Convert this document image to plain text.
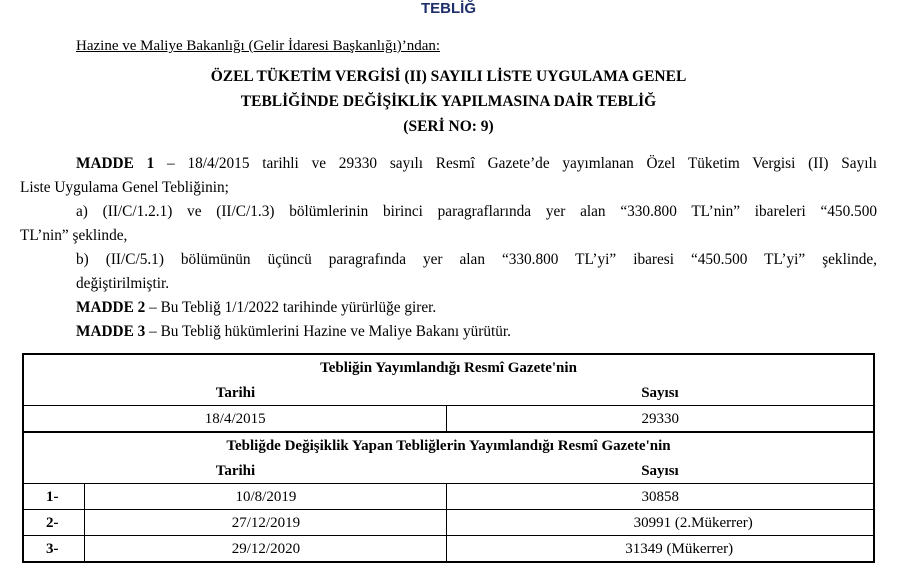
TEBLİĞ
Hazine ve Maliye Bakanlığı (Gelir İdaresi Başkanlığı)’ndan:
ÖZEL TÜKETİM VERGİSİ (II) SAYILI LİSTE UYGULAMA GENEL
TEBLİĞİNDE DEĞİŞİKLİK YAPILMASINA DAİR TEBLİĞ
(SERİ NO: 9)
MADDE 1 – 18/4/2015 tarihli ve 29330 sayılı Resmî Gazete’de yayımlanan Özel Tüketim Vergisi (II) Sayılı
Liste Uygulama Genel Tebliğinin;
a) (II/C/1.2.1) ve (II/C/1.3) bölümlerinin birinci paragraflarında yer alan “330.800 TL’nin” ibareleri “450.500
TL’nin” şeklinde,
b) (II/C/5.1) bölümünün üçüncü paragrafında yer alan “330.800 TL’yi” ibaresi “450.500 TL’yi” şeklinde,
değiştirilmiştir.
MADDE 2 – Bu Tebliğ 1/1/2022 tarihinde yürürlüğe girer.
MADDE 3 – Bu Tebliğ hükümlerini Hazine ve Maliye Bakanı yürütür.
Tebliğin Yayımlandığı Resmî Gazete'nin		
Tarihi		Sayısı
18/4/2015		29330
Tebliğde Değişiklik Yapan Tebliğlerin Yayımlandığı Resmî Gazete'nin		
Tarihi		Sayısı
1-	10/8/2019	30858
2-	27/12/2019	30991 (2.Mükerrer)
3-	29/12/2020	31349 (Mükerrer)
